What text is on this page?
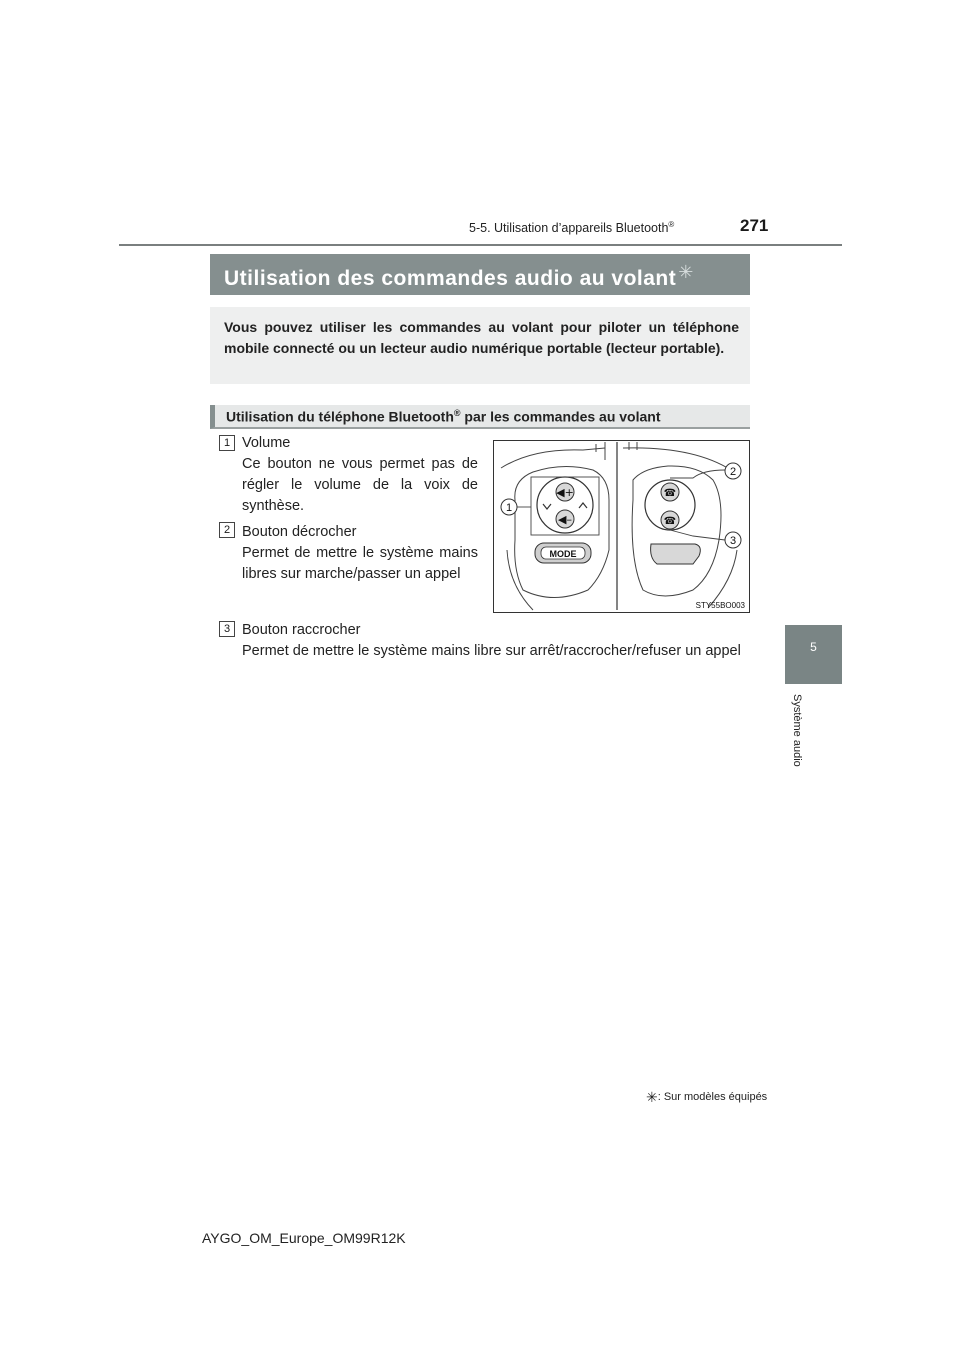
5-5. Utilisation d’appareils Bluetooth®	271
5
Système audio
Utilisation des commandes audio au volant ✳
Vous pouvez utiliser les commandes au volant pour piloter un téléphone mobile connecté ou un lecteur audio numérique portable (lecteur portable).
Utilisation du téléphone Bluetooth® par les commandes au volant
1 Volume
Ce bouton ne vous permet pas de régler le volume de la voix de synthèse.
2 Bouton décrocher
Permet de mettre le système mains libres sur marche/passer un appel
3 Bouton raccrocher
Permet de mettre le système mains libre sur arrêt/raccrocher/refuser un appel
◀+
◀–
1
MODE
☎
☎
2
3
STY55BO003
✳: Sur modèles équipés
AYGO_OM_Europe_OM99R12K
